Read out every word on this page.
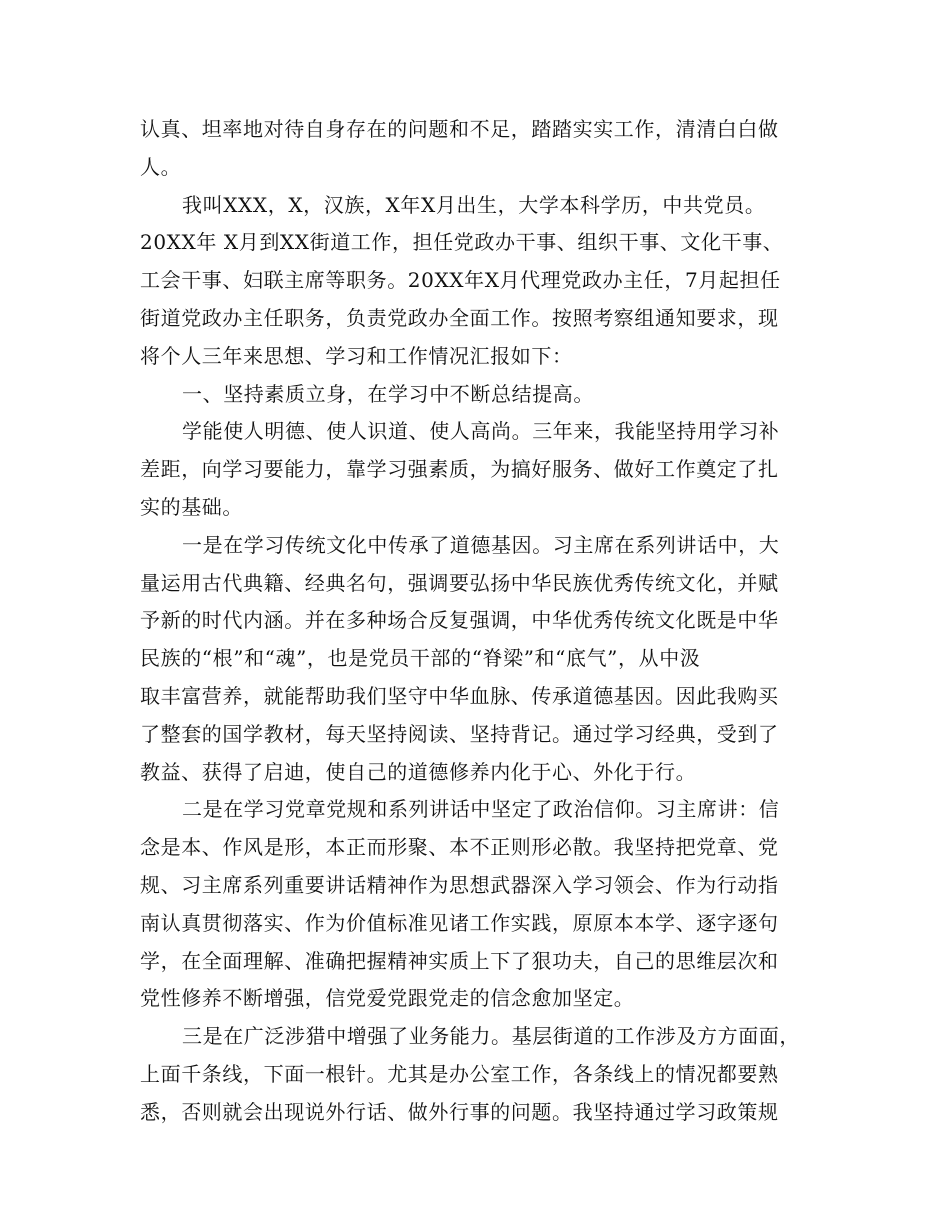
认真、坦率地对待自身存在的问题和不足，踏踏实实工作，清清白白做
人。
我叫XXX，X，汉族，X年X月出生，大学本科学历，中共党员。
20XX年 X月到XX街道工作，担任党政办干事、组织干事、文化干事、
工会干事、妇联主席等职务。20XX年X月代理党政办主任，7月起担任
街道党政办主任职务，负责党政办全面工作。按照考察组通知要求，现
将个人三年来思想、学习和工作情况汇报如下：
一、坚持素质立身，在学习中不断总结提高。
学能使人明德、使人识道、使人高尚。三年来，我能坚持用学习补
差距，向学习要能力，靠学习强素质，为搞好服务、做好工作奠定了扎
实的基础。
一是在学习传统文化中传承了道德基因。习主席在系列讲话中，大
量运用古代典籍、经典名句，强调要弘扬中华民族优秀传统文化，并赋
予新的时代内涵。并在多种场合反复强调，中华优秀传统文化既是中华
民族的“根”和“魂”，也是党员干部的“脊梁”和“底气”，从中汲
取丰富营养，就能帮助我们坚守中华血脉、传承道德基因。因此我购买
了整套的国学教材，每天坚持阅读、坚持背记。通过学习经典，受到了
教益、获得了启迪，使自己的道德修养内化于心、外化于行。
二是在学习党章党规和系列讲话中坚定了政治信仰。习主席讲：信
念是本、作风是形，本正而形聚、本不正则形必散。我坚持把党章、党
规、习主席系列重要讲话精神作为思想武器深入学习领会、作为行动指
南认真贯彻落实、作为价值标准见诸工作实践，原原本本学、逐字逐句
学，在全面理解、准确把握精神实质上下了狠功夫，自己的思维层次和
党性修养不断增强，信党爱党跟党走的信念愈加坚定。
三是在广泛涉猎中增强了业务能力。基层街道的工作涉及方方面面，
上面千条线，下面一根针。尤其是办公室工作，各条线上的情况都要熟
悉，否则就会出现说外行话、做外行事的问题。我坚持通过学习政策规
